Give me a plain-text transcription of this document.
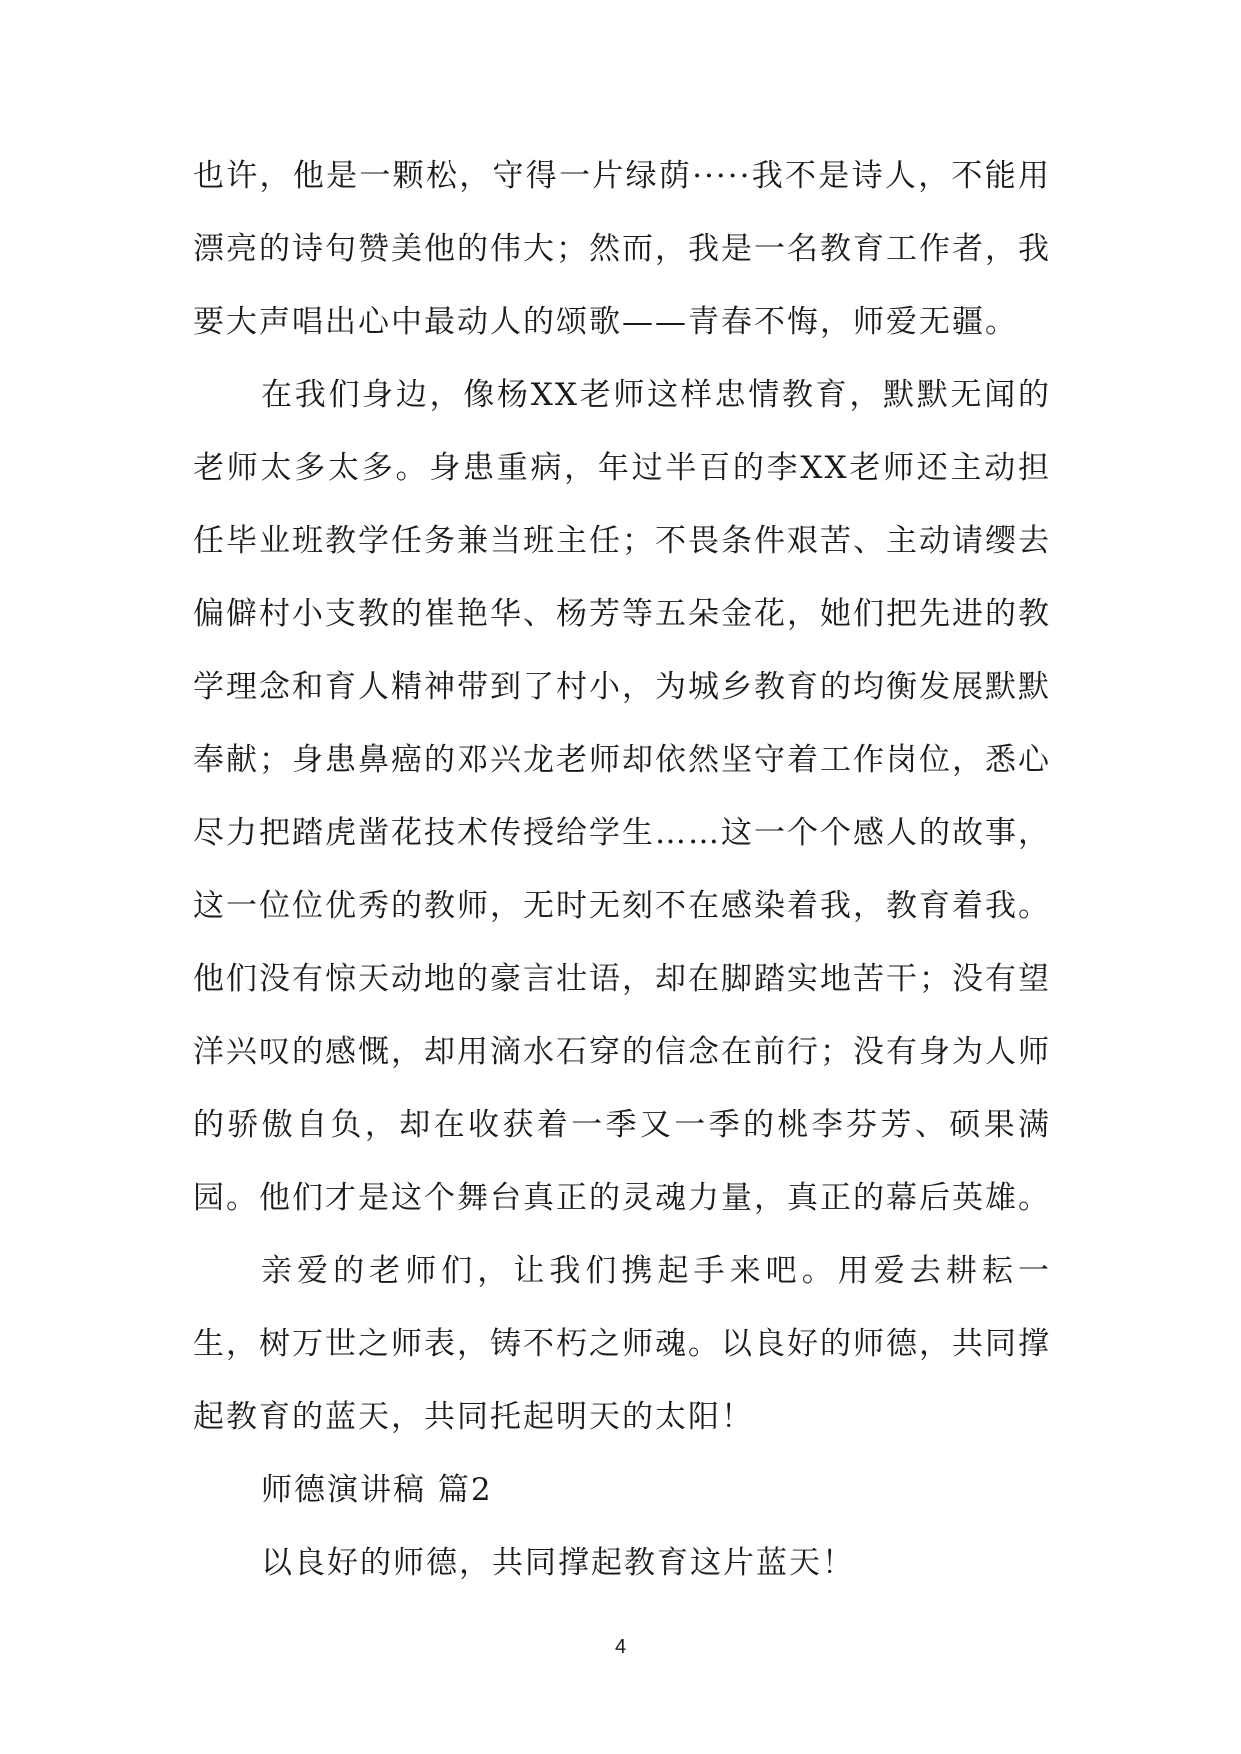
也许，他是一颗松，守得一片绿荫·····我不是诗人，不能用漂亮的诗句赞美他的伟大；然而，我是一名教育工作者，我要大声唱出心中最动人的颂歌——青春不悔，师爱无疆。

在我们身边，像杨XX老师这样忠情教育，默默无闻的老师太多太多。身患重病，年过半百的李XX老师还主动担任毕业班教学任务兼当班主任；不畏条件艰苦、主动请缨去偏僻村小支教的崔艳华、杨芳等五朵金花，她们把先进的教学理念和育人精神带到了村小，为城乡教育的均衡发展默默奉献；身患鼻癌的邓兴龙老师却依然坚守着工作岗位，悉心尽力把踏虎凿花技术传授给学生……这一个个感人的故事，这一位位优秀的教师，无时无刻不在感染着我，教育着我。他们没有惊天动地的豪言壮语，却在脚踏实地苦干；没有望洋兴叹的感慨，却用滴水石穿的信念在前行；没有身为人师的骄傲自负，却在收获着一季又一季的桃李芬芳、硕果满园。他们才是这个舞台真正的灵魂力量，真正的幕后英雄。

亲爱的老师们，让我们携起手来吧。用爱去耕耘一生，树万世之师表，铸不朽之师魂。以良好的师德，共同撑起教育的蓝天，共同托起明天的太阳！

师德演讲稿 篇2

以良好的师德，共同撑起教育这片蓝天！

4
